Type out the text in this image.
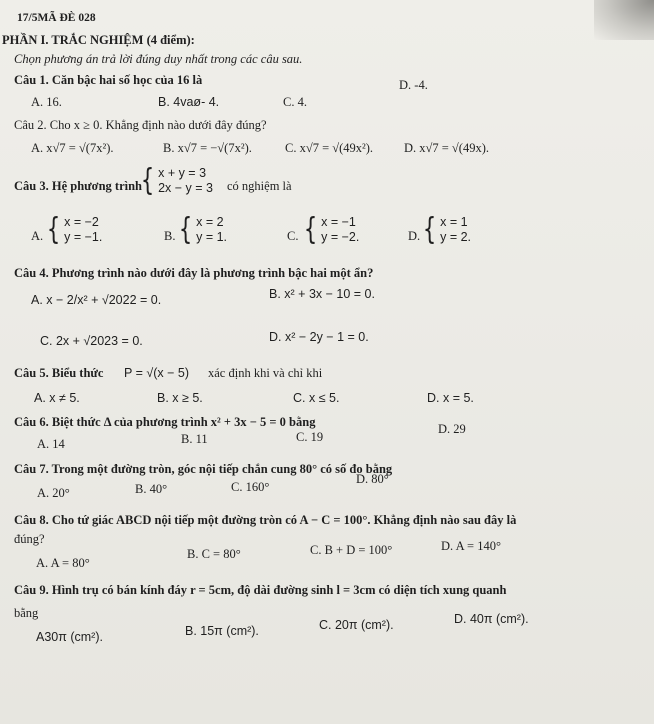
17/5MÃ ĐÈ 028
PHẦN I. TRẮC NGHIỆM (4 điểm):
Chọn phương án trả lời đúng duy nhất trong các câu sau.
Câu 1. Căn bậc hai số học của 16 là
A. 16.	B. 4vaø- 4.	C. 4.
D. -4.
Câu 2. Cho x ≥ 0. Khẳng định nào dưới đây đúng?
A. x√7 = √(7x²).	B. x√7 = −√(7x²).	C. x√7 = √(49x²). D. x√7 = √(49x).
Câu 3. Hệ phương trình
{ x + y = 3
2x − y = 3 có nghiệm là
A. { x = −2
y = −1.	B. { x = 2
y = 1.	C. { x = −1
y = −2.	D. { x = 1
y = 2.
Câu 4. Phương trình nào dưới đây là phương trình bậc hai một ẩn?
A. x − 2/x² + √2022 = 0.	B. x² + 3x − 10 = 0.
C. 2x + √2023 = 0.	D. x² − 2y − 1 = 0.
Câu 5. Biểu thức P = √(x − 5) xác định khi và chỉ khi
A. x ≠ 5.	B. x ≥ 5.	C. x ≤ 5.	D. x = 5.
Câu 6. Biệt thức Δ của phương trình x² + 3x − 5 = 0 bằng
A. 14	B. 11	C. 19
D. 29
Câu 7. Trong một đường tròn, góc nội tiếp chắn cung 80° có số đo bằng
A. 20°	B. 40°	C. 160°
D. 80°
Câu 8. Cho tứ giác ABCD nội tiếp một đường tròn có A − C = 100°. Khẳng định nào sau đây là
đúng?
A. A = 80°
B. C = 80°	C. B + D = 100°	D. A = 140°
Câu 9. Hình trụ có bán kính đáy r = 5cm, độ dài đường sinh l = 3cm có diện tích xung quanh
bằng
A30π (cm²).	B. 15π (cm²).	C. 20π (cm²).	D. 40π (cm²).
